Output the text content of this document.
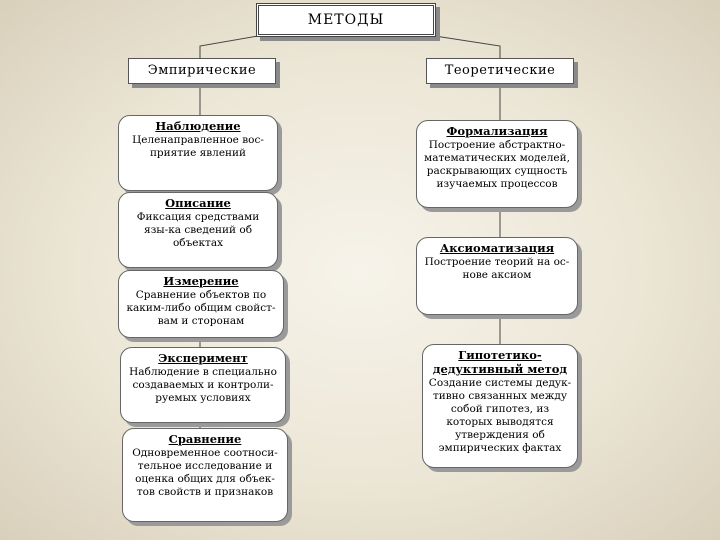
МЕТОДЫ
Эмпирические	Теоретические
Наблюдение
Целенаправленное вос-приятие явлений
Описание
Фиксация средствами язы-ка сведений об объектах
Измерение
Сравнение объектов по каким-либо общим свойст-вам и сторонам
Эксперимент
Наблюдение в специально создаваемых и контроли-руемых условиях
Сравнение
Одновременное соотноси-тельное исследование и оценка общих для объек-тов свойств и признаков
Формализация
Построение абстрактно-математических моделей, раскрывающих сущность изучаемых процессов
Аксиоматизация
Построение теорий на ос-нове аксиом
Гипотетико-дедуктивный метод
Создание системы дедук-тивно связанных между собой гипотез, из которых выводятся утверждения об эмпирических фактах
